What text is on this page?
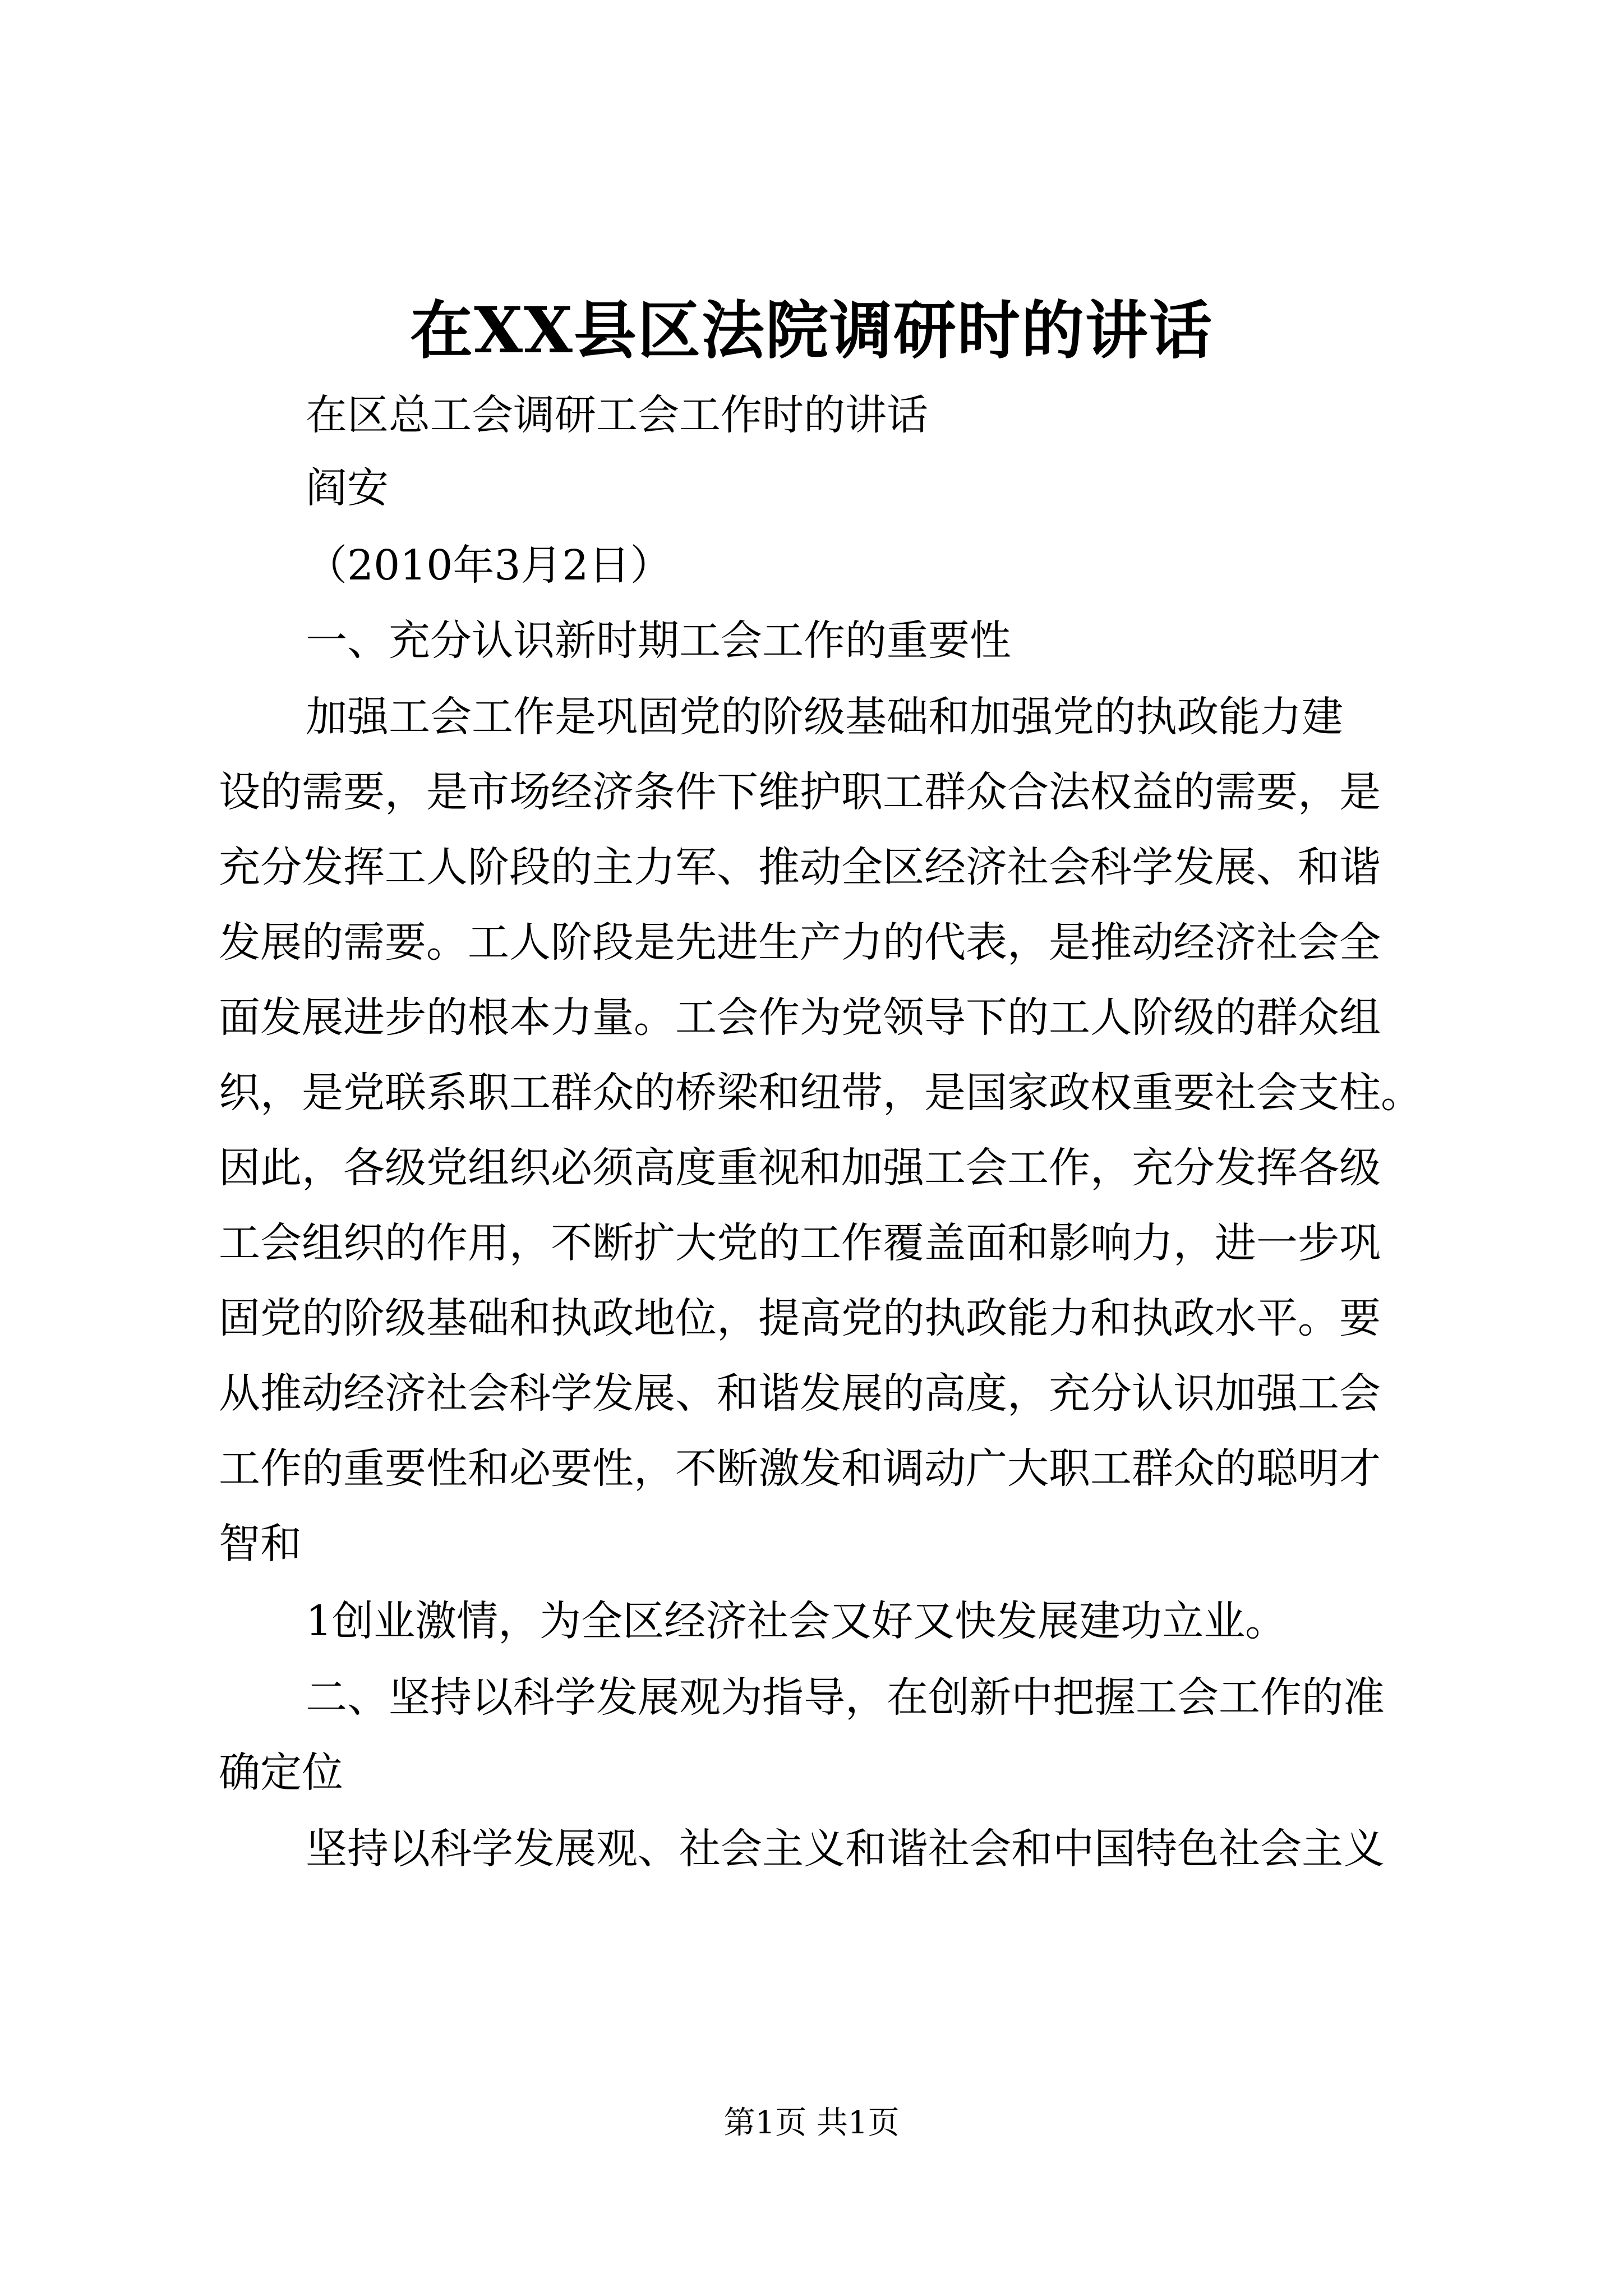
在XX县区法院调研时的讲话
在区总工会调研工会工作时的讲话
阎安
（2010年3月2日）
一、充分认识新时期工会工作的重要性
加强工会工作是巩固党的阶级基础和加强党的执政能力建
设的需要，是市场经济条件下维护职工群众合法权益的需要，是
充分发挥工人阶段的主力军、推动全区经济社会科学发展、和谐
发展的需要。工人阶段是先进生产力的代表，是推动经济社会全
面发展进步的根本力量。工会作为党领导下的工人阶级的群众组
织，是党联系职工群众的桥梁和纽带，是国家政权重要社会支柱。
因此，各级党组织必须高度重视和加强工会工作，充分发挥各级
工会组织的作用，不断扩大党的工作覆盖面和影响力，进一步巩
固党的阶级基础和执政地位，提高党的执政能力和执政水平。要
从推动经济社会科学发展、和谐发展的高度，充分认识加强工会
工作的重要性和必要性，不断激发和调动广大职工群众的聪明才
智和
1创业激情，为全区经济社会又好又快发展建功立业。
二、坚持以科学发展观为指导，在创新中把握工会工作的准
确定位
坚持以科学发展观、社会主义和谐社会和中国特色社会主义
第1页 共1页
